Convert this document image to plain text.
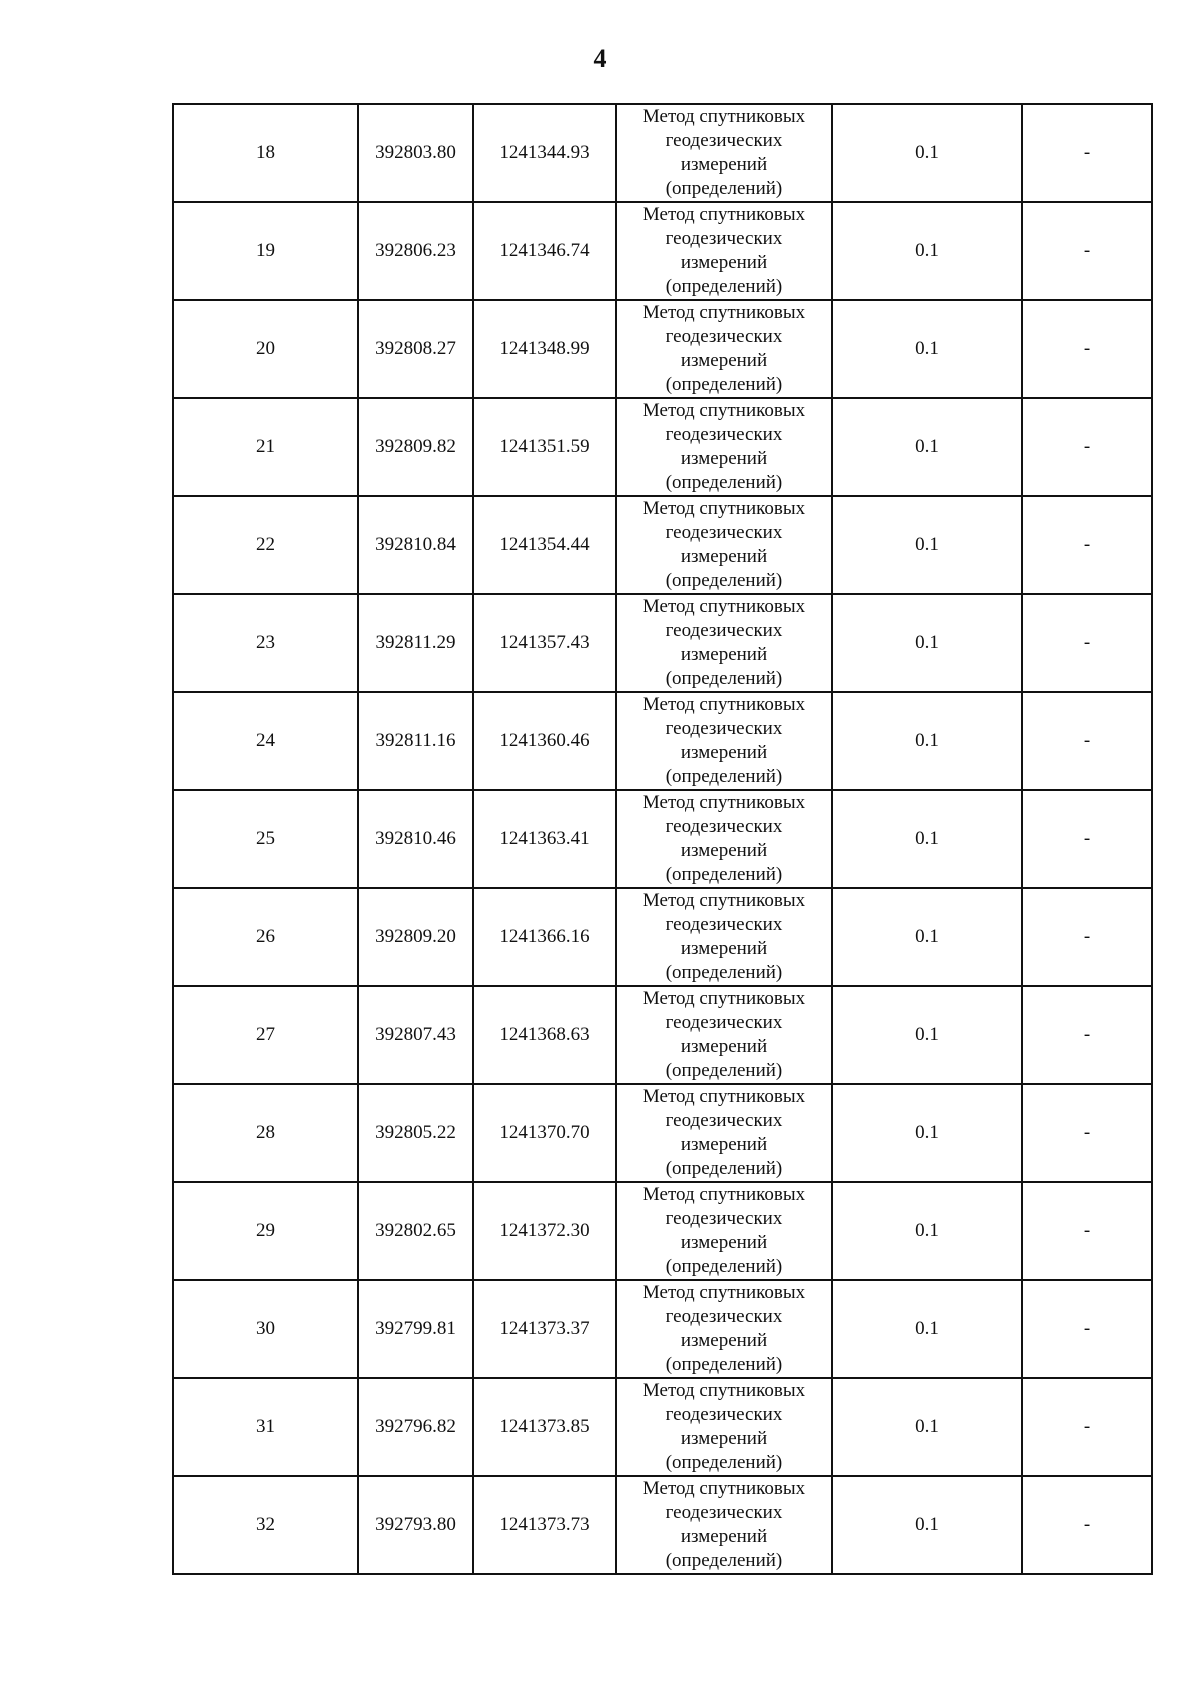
4
18	392803.80	1241344.93	Метод спутниковых
геодезических
измерений
(определений)	0.1	-
19	392806.23	1241346.74	Метод спутниковых
геодезических
измерений
(определений)	0.1	-
20	392808.27	1241348.99	Метод спутниковых
геодезических
измерений
(определений)	0.1	-
21	392809.82	1241351.59	Метод спутниковых
геодезических
измерений
(определений)	0.1	-
22	392810.84	1241354.44	Метод спутниковых
геодезических
измерений
(определений)	0.1	-
23	392811.29	1241357.43	Метод спутниковых
геодезических
измерений
(определений)	0.1	-
24	392811.16	1241360.46	Метод спутниковых
геодезических
измерений
(определений)	0.1	-
25	392810.46	1241363.41	Метод спутниковых
геодезических
измерений
(определений)	0.1	-
26	392809.20	1241366.16	Метод спутниковых
геодезических
измерений
(определений)	0.1	-
27	392807.43	1241368.63	Метод спутниковых
геодезических
измерений
(определений)	0.1	-
28	392805.22	1241370.70	Метод спутниковых
геодезических
измерений
(определений)	0.1	-
29	392802.65	1241372.30	Метод спутниковых
геодезических
измерений
(определений)	0.1	-
30	392799.81	1241373.37	Метод спутниковых
геодезических
измерений
(определений)	0.1	-
31	392796.82	1241373.85	Метод спутниковых
геодезических
измерений
(определений)	0.1	-
32	392793.80	1241373.73	Метод спутниковых
геодезических
измерений
(определений)	0.1	-
